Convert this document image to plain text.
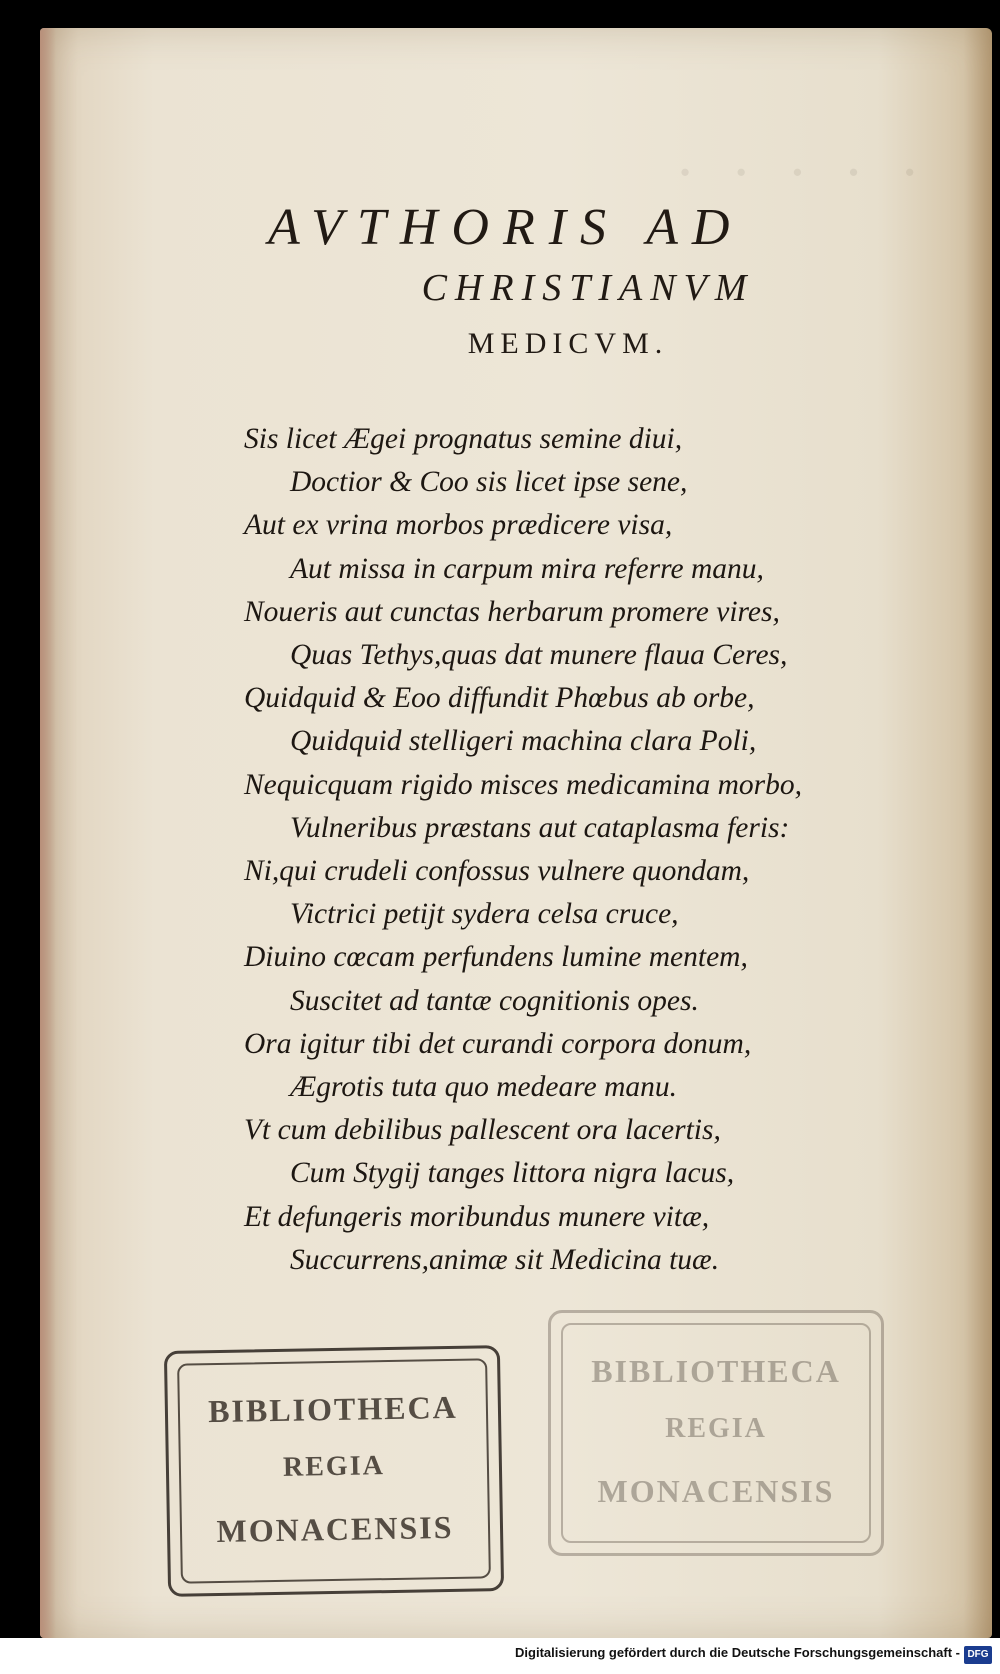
· · · · ·
AVTHORIS AD
CHRISTIANVM
MEDICVM.
Sis licet Ægei prognatus semine diui,
Doctior & Coo sis licet ipse sene,
Aut ex vrina morbos prædicere visa,
Aut missa in carpum mira referre manu,
Noueris aut cunctas herbarum promere vires,
Quas Tethys,quas dat munere flaua Ceres,
Quidquid & Eoo diffundit Phœbus ab orbe,
Quidquid stelligeri machina clara Poli,
Nequicquam rigido misces medicamina morbo,
Vulneribus præstans aut cataplasma feris:
Ni,qui crudeli confossus vulnere quondam,
Victrici petijt sydera celsa cruce,
Diuino cœcam perfundens lumine mentem,
Suscitet ad tantæ cognitionis opes.
Ora igitur tibi det curandi corpora donum,
Ægrotis tuta quo medeare manu.
Vt cum debilibus pallescent ora lacertis,
Cum Stygij tanges littora nigra lacus,
Et defungeris moribundus munere vitæ,
Succurrens,animæ sit Medicina tuæ.
BIBLIOTHECA
REGIA
MONACENSIS
BIBLIOTHECA
REGIA
MONACENSIS
Digitalisierung gefördert durch die Deutsche Forschungsgemeinschaft - DFG
